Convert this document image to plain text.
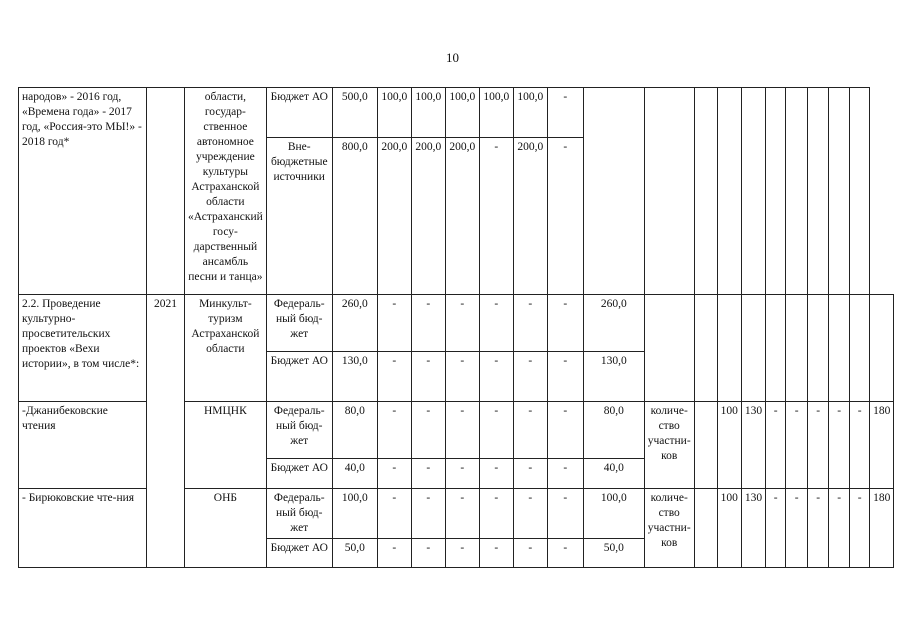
10
народов» - 2016 год, «Времена года» - 2017 год, «Россия-это МЫ!» - 2018 год*		области, государ-ственное автономное учреждение культуры Астраханской области «Астраханский госу-дарственный ансамбль песни и танца»	Бюджет АО	500,0	100,0	100,0	100,0	100,0	100,0	-											
			Вне-бюджетные источники	800,0	200,0	200,0	200,0	-	200,0	-											
2.2. Проведение культурно-просветительских проектов «Вехи истории», в том числе*:	2021	Минкульт-туризм Астраханской области	Федераль-ный бюд-жет	260,0	-	-	-	-	-	-	260,0										
			Бюджет АО	130,0	-	-	-	-	-	-	130,0										
-Джанибековские чтения		НМЦНК	Федераль-ный бюд-жет	80,0	-	-	-	-	-	-	80,0	количе-ство участни-ков		100	130	-	-	-	-	-	180
			Бюджет АО	40,0	-	-	-	-	-	-	40,0										
- Бирюковские чте-ния		ОНБ	Федераль-ный бюд-жет	100,0	-	-	-	-	-	-	100,0	количе-ство участни-ков		100	130	-	-	-	-	-	180
			Бюджет АО	50,0	-	-	-	-	-	-	50,0										
